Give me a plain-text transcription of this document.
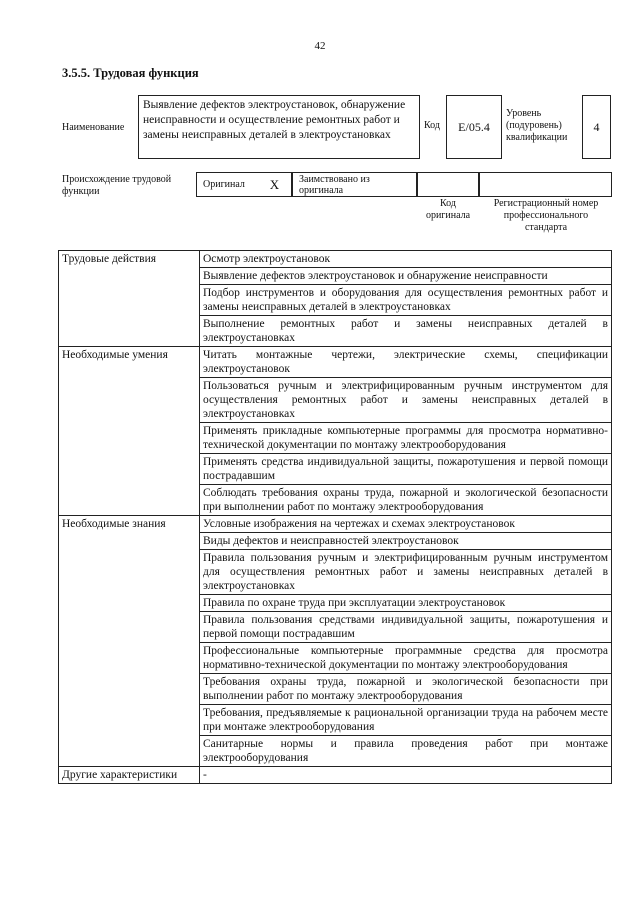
42
3.5.5. Трудовая функция
Наименование
Выявление дефектов электроустановок, обнаружение неисправности и осуществление ремонтных работ и замены неисправных деталей в электроустановках
Код	E/05.4
Уровень (подуровень) квалификации
4
Происхождение трудовой функции
Оригинал	X	Заимствовано из оригинала
Код оригинала
Регистрационный номер профессионального стандарта
Трудовые действия	Осмотр электроустановок
	Выявление дефектов электроустановок и обнаружение неисправности
	Подбор инструментов и оборудования для осуществления ремонтных работ и замены неисправных деталей в электроустановках
	Выполнение ремонтных работ и замены неисправных деталей в электроустановках
Необходимые умения	Читать монтажные чертежи, электрические схемы, спецификации электроустановок
	Пользоваться ручным и электрифицированным ручным инструментом для осуществления ремонтных работ и замены неисправных деталей в электроустановках
	Применять прикладные компьютерные программы для просмотра нормативно-технической документации по монтажу электрооборудования
	Применять средства индивидуальной защиты, пожаротушения и первой помощи пострадавшим
	Соблюдать требования охраны труда, пожарной и экологической безопасности при выполнении работ по монтажу электрооборудования
Необходимые знания	Условные изображения на чертежах и схемах электроустановок
	Виды дефектов и неисправностей электроустановок
	Правила пользования ручным и электрифицированным ручным инструментом для осуществления ремонтных работ и замены неисправных деталей в электроустановках
	Правила по охране труда при эксплуатации электроустановок
	Правила пользования средствами индивидуальной защиты, пожаротушения и первой помощи пострадавшим
	Профессиональные компьютерные программные средства для просмотра нормативно-технической документации по монтажу электрооборудования
	Требования охраны труда, пожарной и экологической безопасности при выполнении работ по монтажу электрооборудования
	Требования, предъявляемые к рациональной организации труда на рабочем месте при монтаже электрооборудования
	Санитарные нормы и правила проведения работ при монтаже электрооборудования
Другие характеристики	-
